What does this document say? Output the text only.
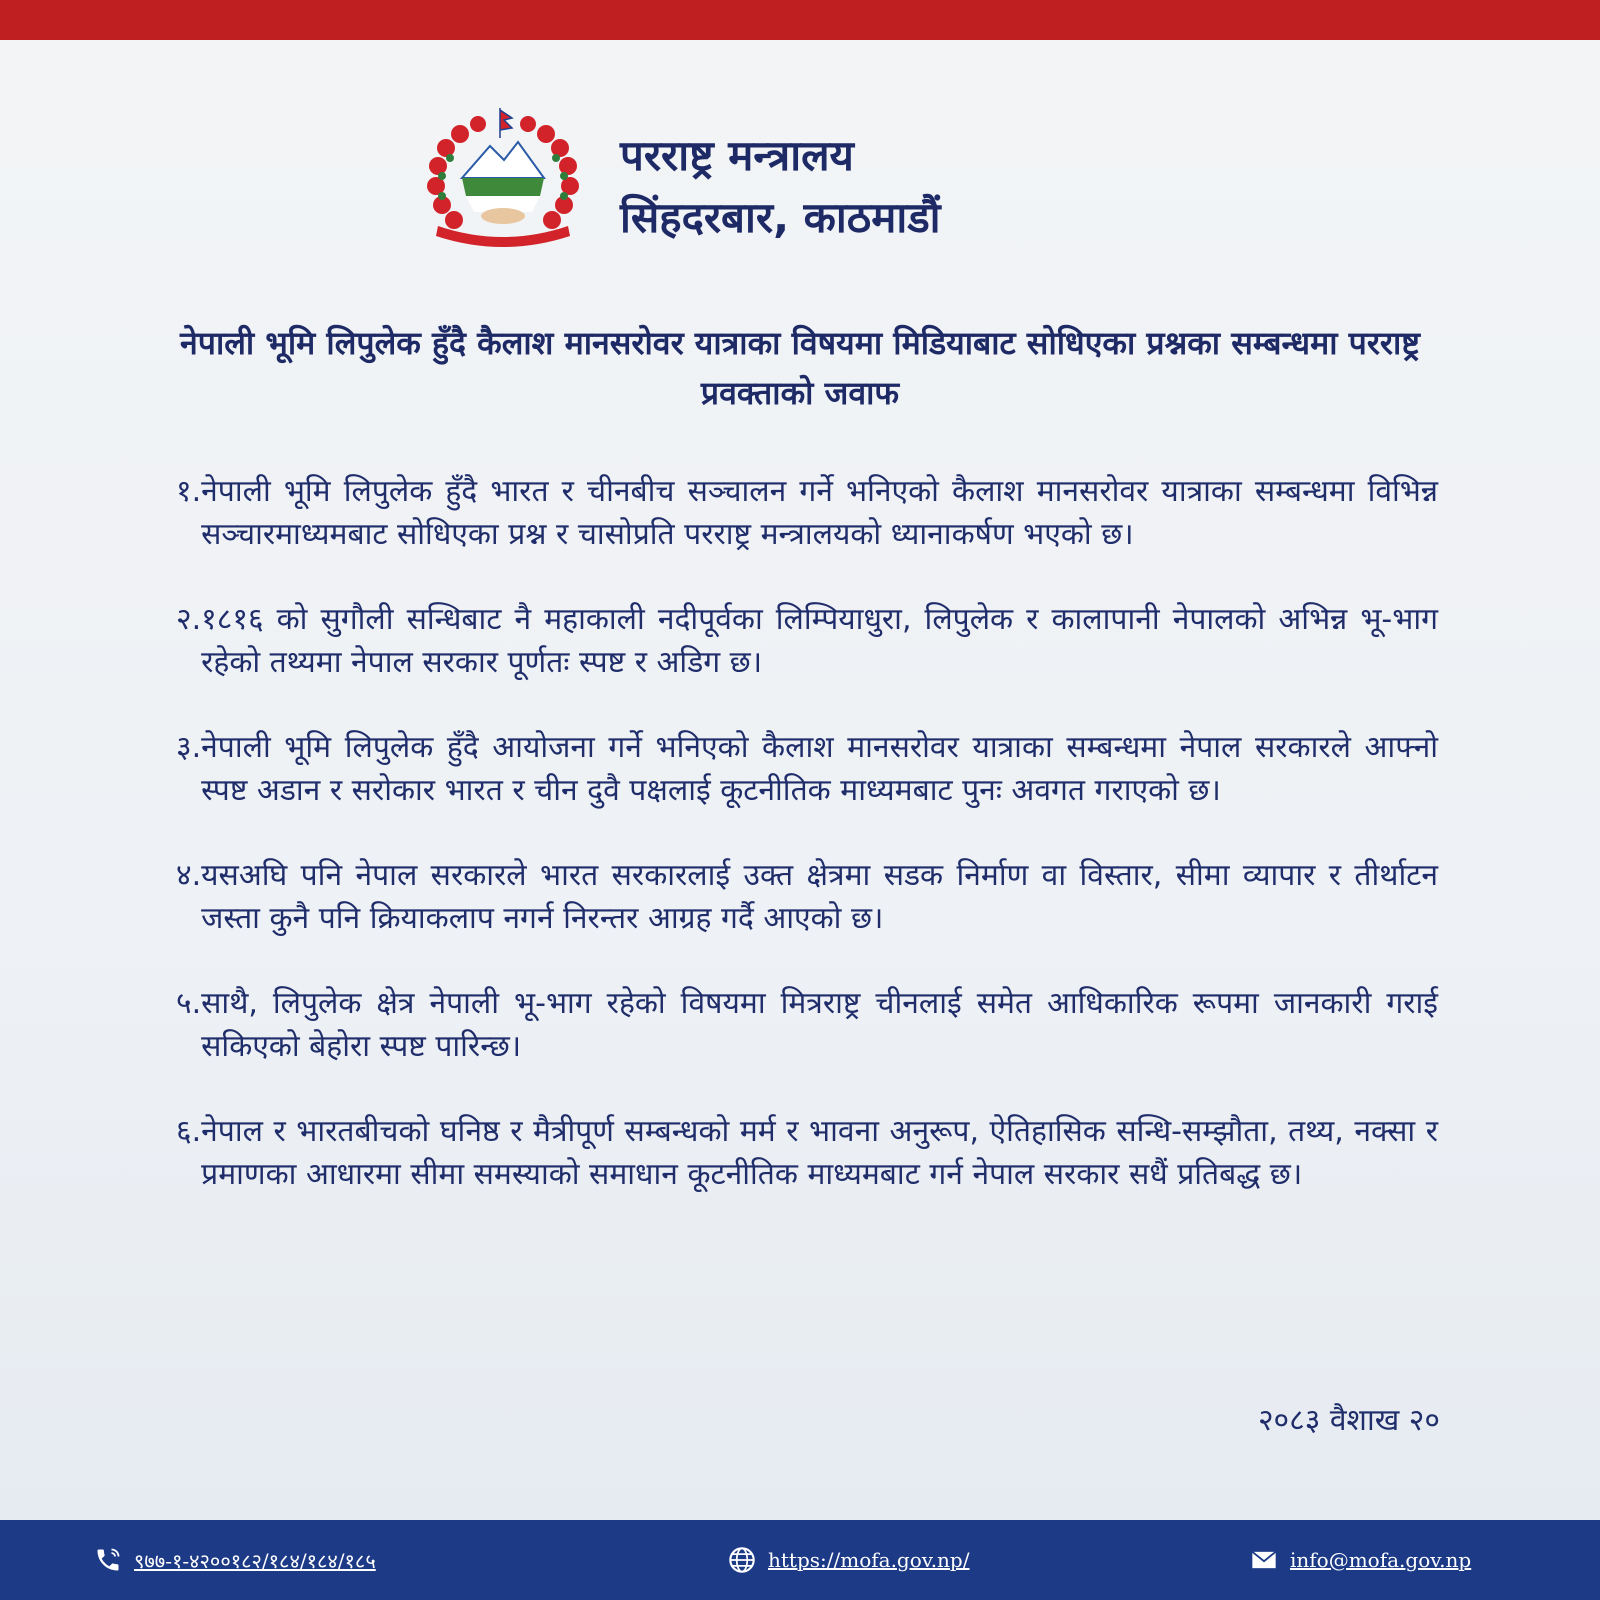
परराष्ट्र मन्त्रालय
सिंहदरबार, काठमाडौं
नेपाली भूमि लिपुलेक हुँदै कैलाश मानसरोवर यात्राका विषयमा मिडियाबाट सोधिएका प्रश्नका सम्बन्धमा परराष्ट्र प्रवक्ताको जवाफ
१. नेपाली भूमि लिपुलेक हुँदै भारत र चीनबीच सञ्चालन गर्ने भनिएको कैलाश मानसरोवर यात्राका सम्बन्धमा विभिन्न सञ्चारमाध्यमबाट सोधिएका प्रश्न र चासोप्रति परराष्ट्र मन्त्रालयको ध्यानाकर्षण भएको छ।
२. १८१६ को सुगौली सन्धिबाट नै महाकाली नदीपूर्वका लिम्पियाधुरा, लिपुलेक र कालापानी नेपालको अभिन्न भू-भाग रहेको तथ्यमा नेपाल सरकार पूर्णतः स्पष्ट र अडिग छ।
३. नेपाली भूमि लिपुलेक हुँदै आयोजना गर्ने भनिएको कैलाश मानसरोवर यात्राका सम्बन्धमा नेपाल सरकारले आफ्नो स्पष्ट अडान र सरोकार भारत र चीन दुवै पक्षलाई कूटनीतिक माध्यमबाट पुनः अवगत गराएको छ।
४. यसअघि पनि नेपाल सरकारले भारत सरकारलाई उक्त क्षेत्रमा सडक निर्माण वा विस्तार, सीमा व्यापार र तीर्थाटन जस्ता कुनै पनि क्रियाकलाप नगर्न निरन्तर आग्रह गर्दै आएको छ।
५. साथै, लिपुलेक क्षेत्र नेपाली भू-भाग रहेको विषयमा मित्रराष्ट्र चीनलाई समेत आधिकारिक रूपमा जानकारी गराई सकिएको बेहोरा स्पष्ट पारिन्छ।
६. नेपाल र भारतबीचको घनिष्ठ र मैत्रीपूर्ण सम्बन्धको मर्म र भावना अनुरूप, ऐतिहासिक सन्धि-सम्झौता, तथ्य, नक्सा र प्रमाणका आधारमा सीमा समस्याको समाधान कूटनीतिक माध्यमबाट गर्न नेपाल सरकार सधैं प्रतिबद्ध छ।
२०८३ वैशाख २०
९७७-१-४२००१८२/१८४/१८४/१८५	https://mofa.gov.np/	info@mofa.gov.np
